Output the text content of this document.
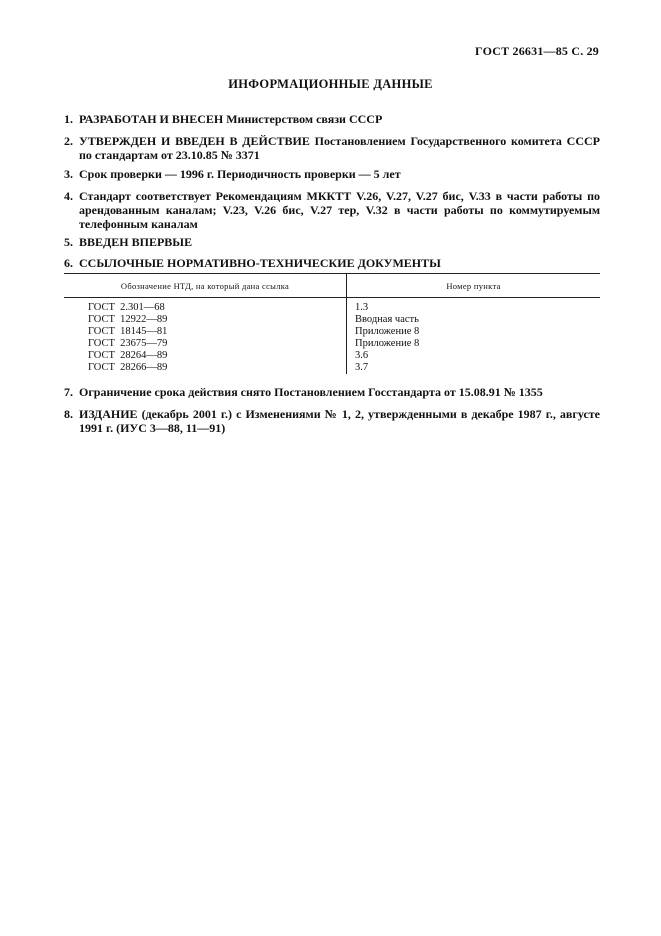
ГОСТ 26631—85 С. 29
ИНФОРМАЦИОННЫЕ ДАННЫЕ
1. РАЗРАБОТАН И ВНЕСЕН Министерством связи СССР
2. УТВЕРЖДЕН И ВВЕДЕН В ДЕЙСТВИЕ Постановлением Государственного комитета СССР по стандартам от 23.10.85 № 3371
3. Срок проверки — 1996 г. Периодичность проверки — 5 лет
4. Стандарт соответствует Рекомендациям МККТТ V.26, V.27, V.27 бис, V.33 в части работы по арендованным каналам; V.23, V.26 бис, V.27 тер, V.32 в части работы по коммутируемым телефонным каналам
5. ВВЕДЕН ВПЕРВЫЕ
6. ССЫЛОЧНЫЕ НОРМАТИВНО-ТЕХНИЧЕСКИЕ ДОКУМЕНТЫ
Обозначение НТД, на который дана ссылка	Номер пункта
ГОСТ  2.301—68	1.3
ГОСТ  12922—89	Вводная часть
ГОСТ  18145—81	Приложение 8
ГОСТ  23675—79	Приложение 8
ГОСТ  28264—89	3.6
ГОСТ  28266—89	3.7
7. Ограничение срока действия снято Постановлением Госстандарта от 15.08.91 № 1355
8. ИЗДАНИЕ (декабрь 2001 г.) с Изменениями № 1, 2, утвержденными в декабре 1987 г., августе 1991 г. (ИУС 3—88, 11—91)
